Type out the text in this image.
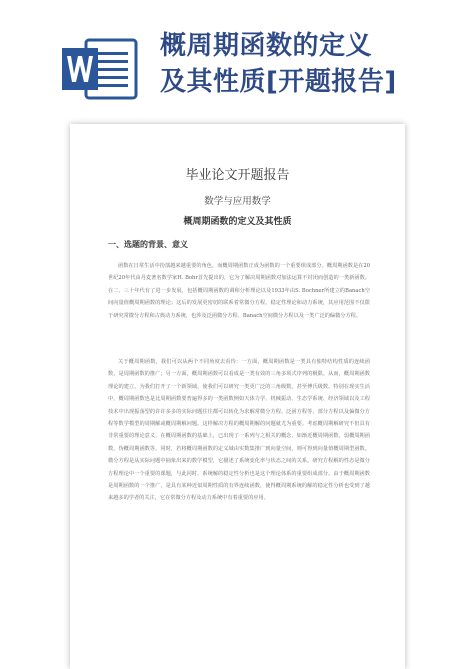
概周期函数的定义
及其性质[开题报告]
毕业论文开题报告
数学与应用数学
概周期函数的定义及其性质
一、选题的背景、意义
函数在日常生活中扮演越来越重要的角色，而概周期函数正成为函数的一个重要组成部分。概周期函数是在20世纪20年代由丹麦著名数学家H. Bohr首先提出的，它为了解决周期函数对加法运算不封闭而创造的一类新函数。在二、三十年代有了进一步发展，包括概周期函数的调和分析理论以及1933年由S. Bochner所建立的Banach空间向量值概周期函数的理论；这后的发展更密切的联系着常微分方程，稳定性理论和动力系统，其应用范围不仅限于研究常微分方程和古典动力系统，也涉及泛函微分方程、Banach空间微分方程以及一类广泛的偏微分方程。
关于概周期函数，我们可以从两个不同角度去看待：一方面，概周期函数是一类具有独特结构性质的连续函数，是周期函数的推广；另一方面，概周期函数可以看成是一类有效的三角多项式序列的极限。从而，概周期函数理论的建立，为我们打开了一个新领域，使我们可以研究一类更广泛的三角级数，甚至傅氏级数。特别在现实生活中，概周期函数也是比周期函数要普遍得多的一类函数例如天体力学、机械振动、生态学系统、经济领域以及工程技术中出现振荡型的许许多多的实际问题往往都可以转化为求解常微分方程、泛函方程等，部分方程以及偏微分方程等数学模型的周期解或概周期解问题。这样解决方程的概周期解的问题就尤为重要。考虑概周期解研究不但具有非常重要的理论意义，在概周期函数的基础上，已出现了一系列与之相关的概念，如渐近概周期函数，弱概周期函数，伪概周期函数等。同时，若将概周期函数的定义域由实数集推广到向量空间，则可得到向量值概周期型函数。微分方程是从实际问题中抽象出来的数学模型，它描述了系统变化率与状态之间的关系。研究方程解的性态是微分方程理论中一个重要的课题，与此同时，系统解的稳定性分析也是这个理论体系的重要组成部分。由于概周期函数是周期函数的一个推广，是具有某种近似周期性质的有界连续函数，使得概周期系统的解的稳定性分析也受到了越来越多的学者的关注，它在常微分方程及动力系统中有着重要的应用。
